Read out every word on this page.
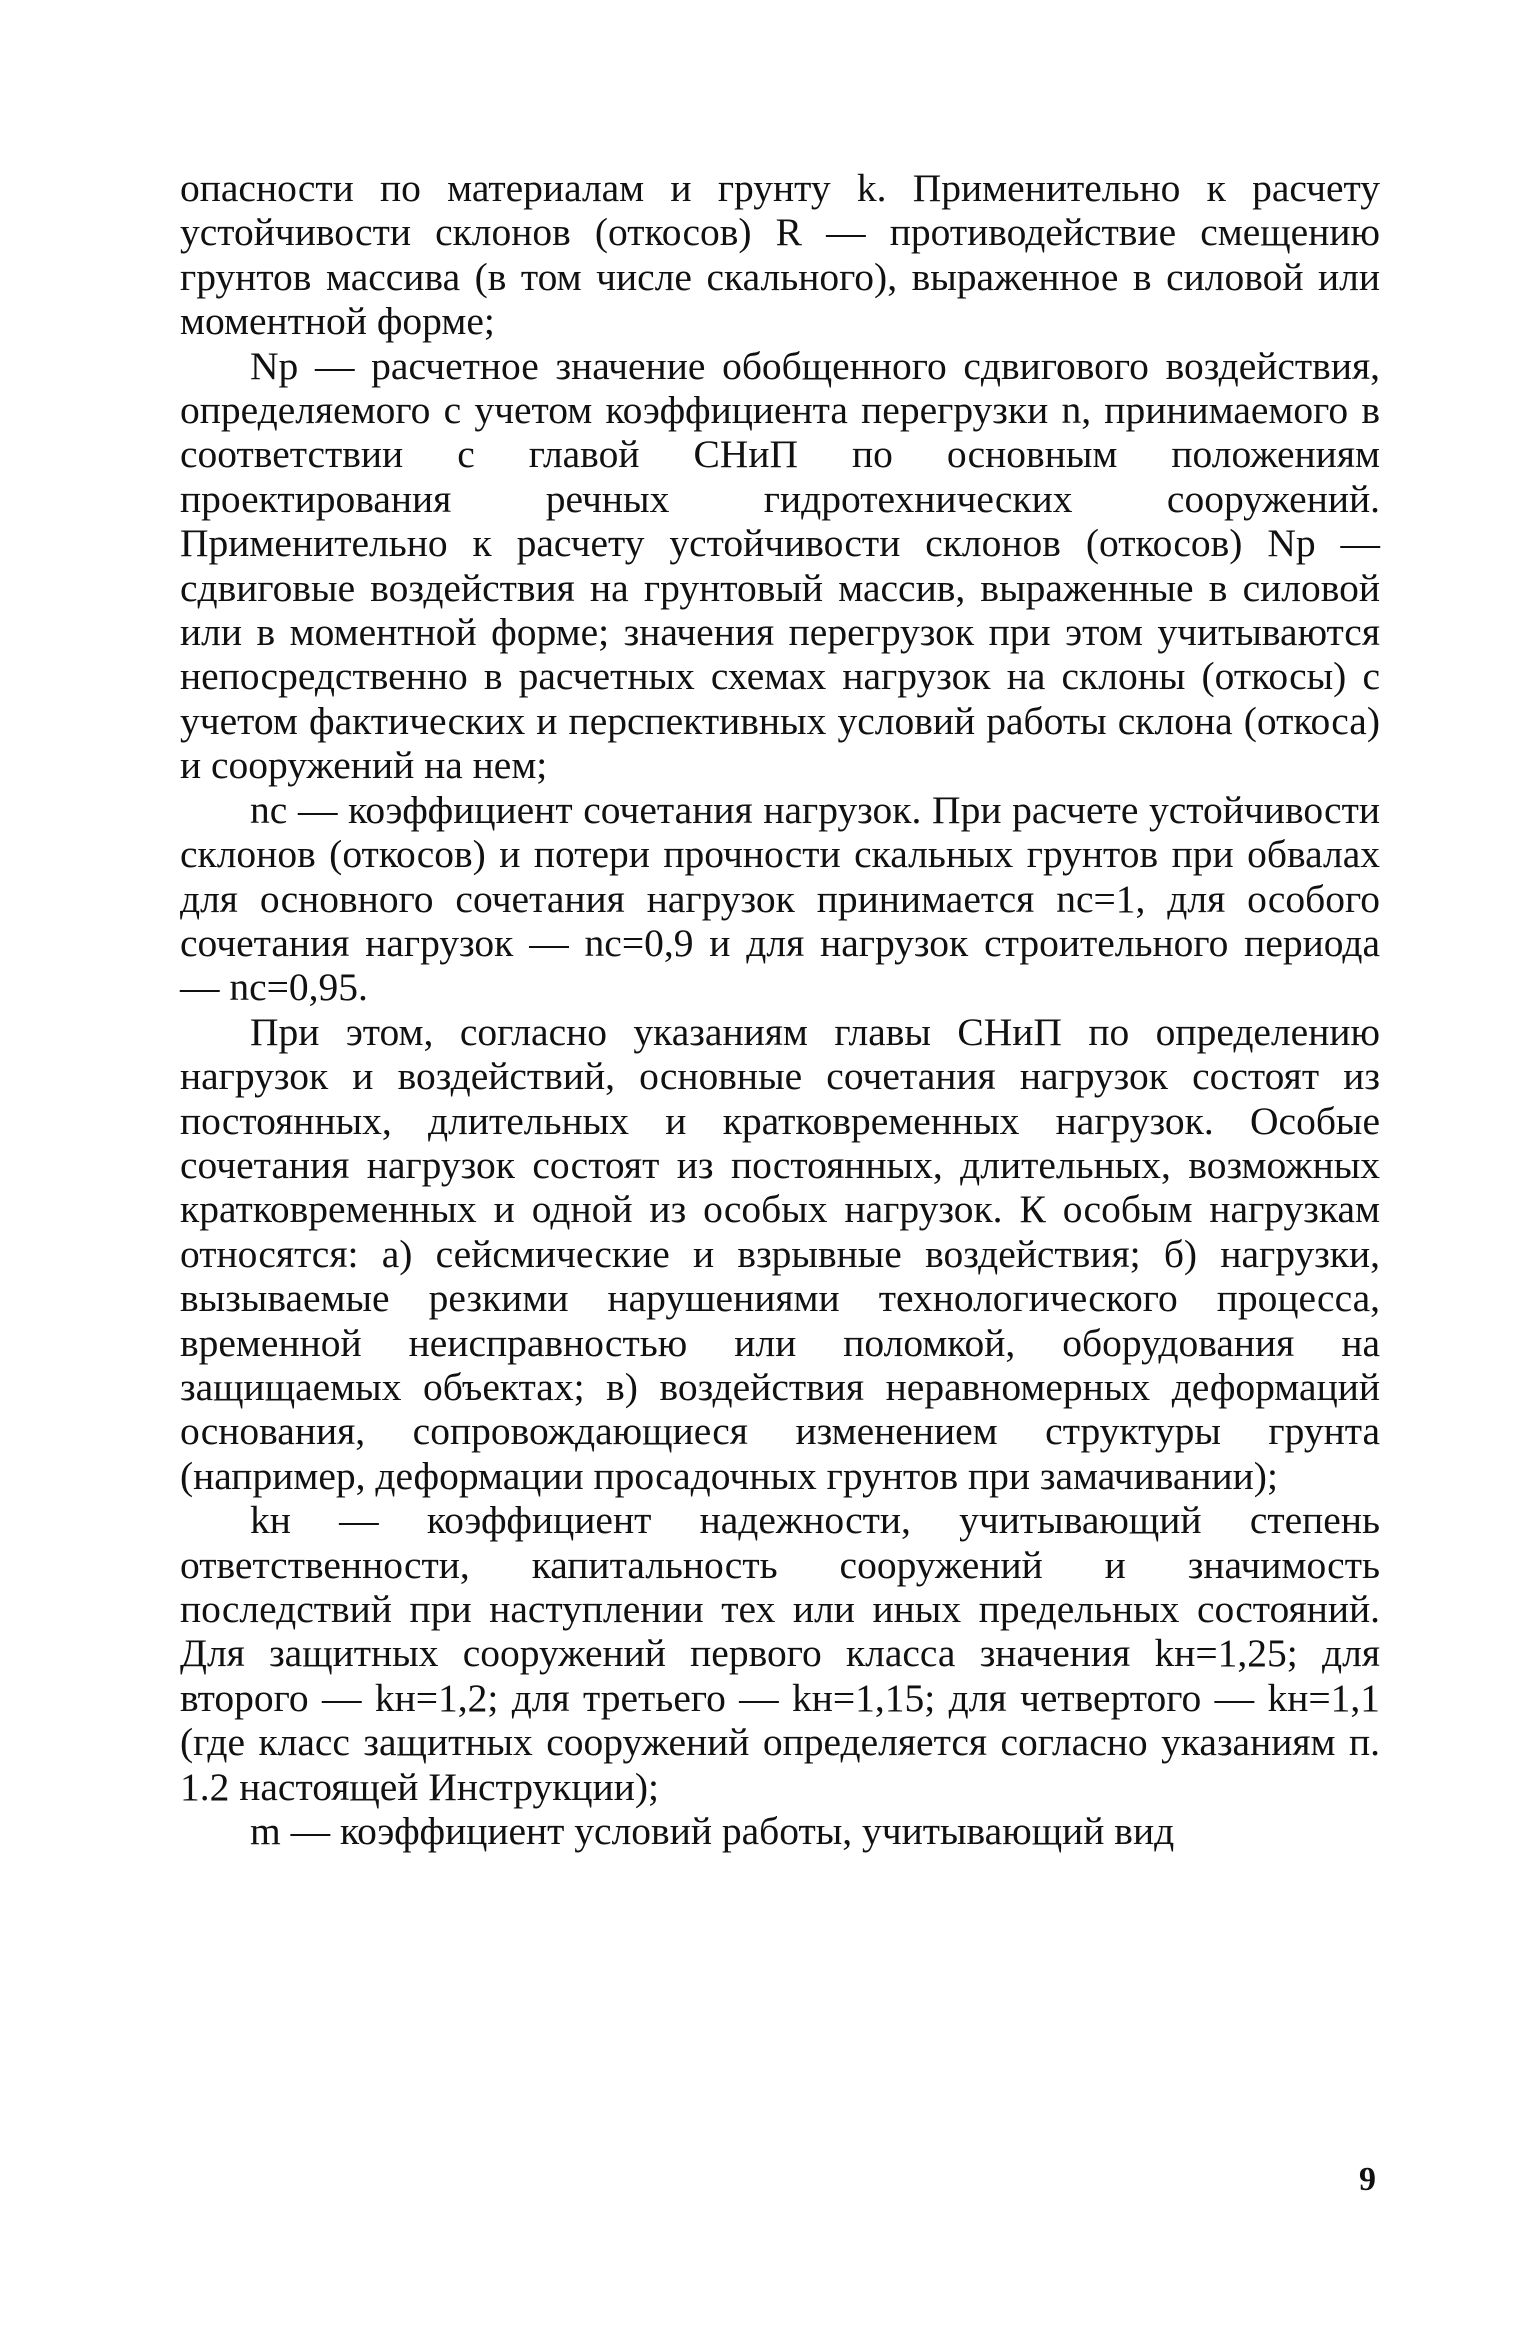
опасности по материалам и грунту k. Применительно к расчету устойчивости склонов (откосов) R — противодействие смещению грунтов массива (в том числе скального), выраженное в силовой или моментной форме;

Nр — расчетное значение обобщенного сдвигового воздействия, определяемого с учетом коэффициента перегрузки n, принимаемого в соответствии с главой СНиП по основным положениям проектирования речных гидротехнических сооружений. Применительно к расчету устойчивости склонов (откосов) Nр — сдвиговые воздействия на грунтовый массив, выраженные в силовой или в моментной форме; значения перегрузок при этом учитываются непосредственно в расчетных схемах нагрузок на склоны (откосы) с учетом фактических и перспективных условий работы склона (откоса) и сооружений на нем;

nс — коэффициент сочетания нагрузок. При расчете устойчивости склонов (откосов) и потери прочности скальных грунтов при обвалах для основного сочетания нагрузок принимается nс=1, для особого сочетания нагрузок — nс=0,9 и для нагрузок строительного периода — nс=0,95.

При этом, согласно указаниям главы СНиП по определению нагрузок и воздействий, основные сочетания нагрузок состоят из постоянных, длительных и кратковременных нагрузок. Особые сочетания нагрузок состоят из постоянных, длительных, возможных кратковременных и одной из особых нагрузок. К особым нагрузкам относятся: а) сейсмические и взрывные воздействия; б) нагрузки, вызываемые резкими нарушениями технологического процесса, временной неисправностью или поломкой, оборудования на защищаемых объектах; в) воздействия неравномерных деформаций основания, сопровождающиеся изменением структуры грунта (например, деформации просадочных грунтов при замачивании);

kн — коэффициент надежности, учитывающий степень ответственности, капитальность сооружений и значимость последствий при наступлении тех или иных предельных состояний. Для защитных сооружений первого класса значения kн=1,25; для второго — kн=1,2; для третьего — kн=1,15; для четвертого — kн=1,1 (где класс защитных сооружений определяется согласно указаниям п. 1.2 настоящей Инструкции);

m — коэффициент условий работы, учитывающий вид

9
